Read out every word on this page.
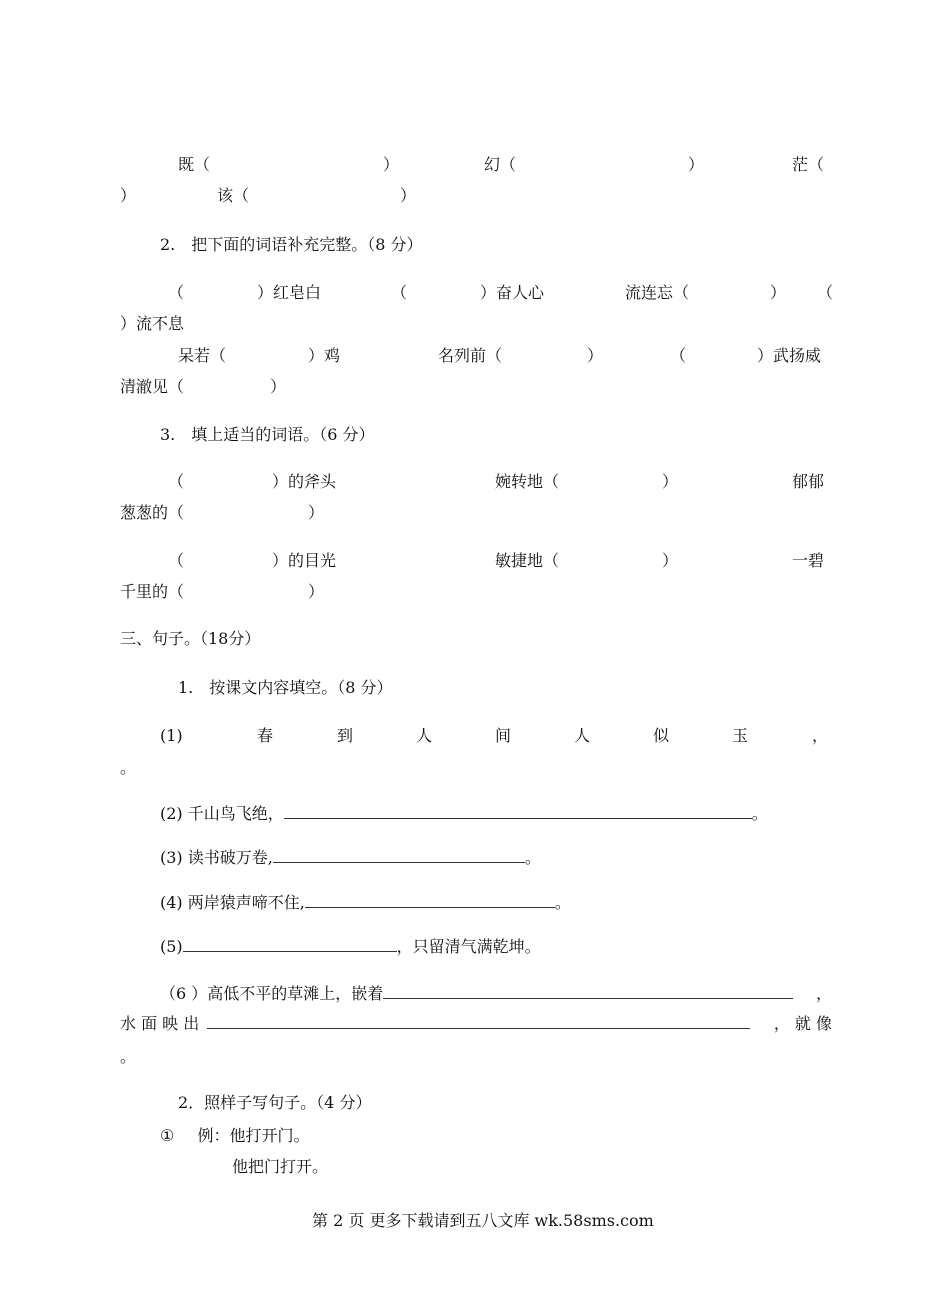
既（	）	幻（	）	茫（
）	该（	）
2.　把下面的词语补充完整。（8 分）
（	）红皂白	（	）奋人心	流连忘（	） （
）流不息
呆若（	）鸡	名列前（	）	（	）武扬威
清澈见（	）
3.　填上适当的词语。（6 分）
（	）的斧头	婉转地（	）	郁郁
葱葱的（	）
（	）的目光	敏捷地（	）	一碧
千里的（	）
三、句子。（18分）
1.　按课文内容填空。（8 分）
(1)	春	到	人	间	人	似	玉	，
。
(2) 千山鸟飞绝，	。
(3) 读书破万卷,	。
(4) 两岸猿声啼不住,	。
(5)	，只留清气满乾坤。
（6 ）高低不平的草滩上，嵌着	，
水 面 映 出	， 就 像
。
2．照样子写句子。（4 分）
① 例：他打开门。
他把门打开。
第 2 页 更多下载请到五八文库 wk.58sms.com
